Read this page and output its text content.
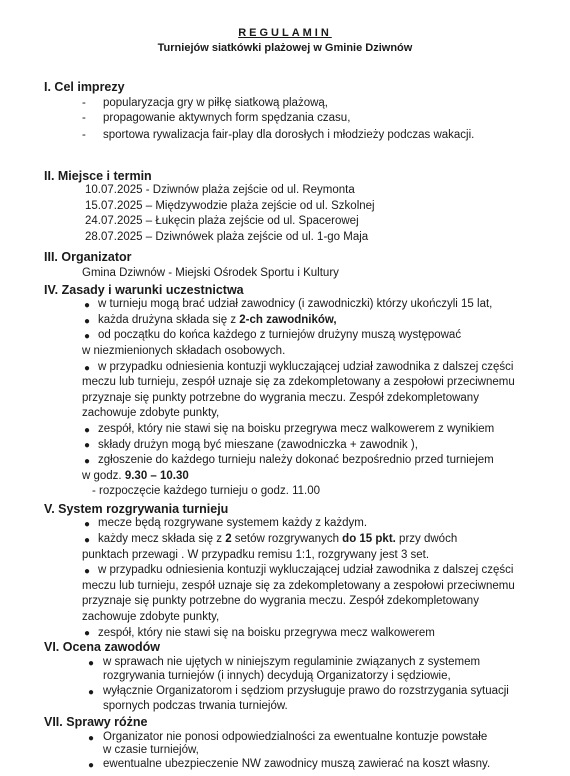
REGULAMIN
Turniejów siatkówki plażowej w Gminie Dziwnów
I. Cel imprezy
- popularyzacja gry w piłkę siatkową plażową,
- propagowanie aktywnych form spędzania czasu,
- sportowa rywalizacja fair-play dla dorosłych i młodzieży podczas wakacji.
II. Miejsce i termin
10.07.2025 - Dziwnów plaża zejście od ul. Reymonta
15.07.2025 – Międzywodzie plaża zejście od ul. Szkolnej
24.07.2025 – Łukęcin plaża zejście od ul. Spacerowej
28.07.2025 – Dziwnówek plaża zejście od ul. 1-go Maja
III. Organizator
Gmina Dziwnów - Miejski Ośrodek Sportu i Kultury
IV. Zasady i warunki uczestnictwa
● w turnieju mogą brać udział zawodnicy (i zawodniczki) którzy ukończyli 15 lat,
● każda drużyna składa się z 2-ch zawodników,
● od początku do końca każdego z turniejów drużyny muszą występować
w niezmienionych składach osobowych.
● w przypadku odniesienia kontuzji wykluczającej udział zawodnika z dalszej części
meczu lub turnieju, zespół uznaje się za zdekompletowany a zespołowi przeciwnemu
przyznaje się punkty potrzebne do wygrania meczu. Zespół zdekompletowany
zachowuje zdobyte punkty,
● zespół, który nie stawi się na boisku przegrywa mecz walkowerem z wynikiem
● składy drużyn mogą być mieszane (zawodniczka + zawodnik ),
● zgłoszenie do każdego turnieju należy dokonać bezpośrednio przed turniejem
w godz. 9.30 – 10.30
- rozpoczęcie każdego turnieju o godz. 11.00
V. System rozgrywania turnieju
● mecze będą rozgrywane systemem każdy z każdym.
● każdy mecz składa się z 2 setów rozgrywanych do 15 pkt. przy dwóch
punktach przewagi . W przypadku remisu 1:1, rozgrywany jest 3 set.
● w przypadku odniesienia kontuzji wykluczającej udział zawodnika z dalszej części
meczu lub turnieju, zespół uznaje się za zdekompletowany a zespołowi przeciwnemu
przyznaje się punkty potrzebne do wygrania meczu. Zespół zdekompletowany
zachowuje zdobyte punkty,
● zespół, który nie stawi się na boisku przegrywa mecz walkowerem
VI. Ocena zawodów
● w sprawach nie ujętych w niniejszym regulaminie związanych z systemem
rozgrywania turniejów (i innych) decydują Organizatorzy i sędziowie,
● wyłącznie Organizatorom i sędziom przysługuje prawo do rozstrzygania sytuacji
spornych podczas trwania turniejów.
VII. Sprawy różne
● Organizator nie ponosi odpowiedzialności za ewentualne kontuzje powstałe
w czasie turniejów,
● ewentualne ubezpieczenie NW zawodnicy muszą zawierać na koszt własny.
